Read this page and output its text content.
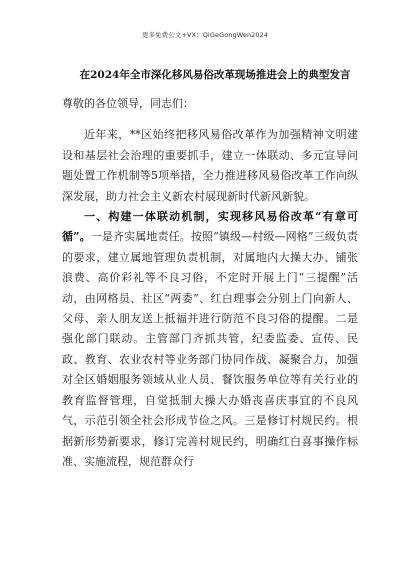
更多免费公文+VX：QiGeGongWen2024
在2024年全市深化移风易俗改革现场推进会上的典型发言

尊敬的各位领导，同志们：

近年来，**区始终把移风易俗改革作为加强精神文明建设和基层社会治理的重要抓手，建立一体联动、多元宣导问题处置工作机制等5项举措，全力推进移风易俗改革工作向纵深发展，助力社会主义新农村展现新时代新风新貌。

一、构建一体联动机制，实现移风易俗改革“有章可循”。一是齐实属地责任。按照“镇级—村级—网格”三级负责的要求，建立属地管理负责机制，对属地内大操大办、铺张浪费、高价彩礼等不良习俗，不定时开展上门“三提醒”活动，由网格员、社区“两委”、红白理事会分别上门向新人、父母、亲人朋友送上抵福并进行防范不良习俗的提醒。二是强化部门联动。主管部门齐抓共管，纪委监委、宣传、民政、教育、农业农村等业务部门协同作战、凝聚合力，加强对全区婚姻服务领域从业人员、餐饮服务单位等有关行业的教育监督管理，自觉抵制大操大办婚丧喜庆事宜的不良风气，示范引领全社会形成节俭之风。三是修订村规民约。根据新形势新要求，修订完善村规民约，明确红白喜事操作标准、实施流程，规范群众行
